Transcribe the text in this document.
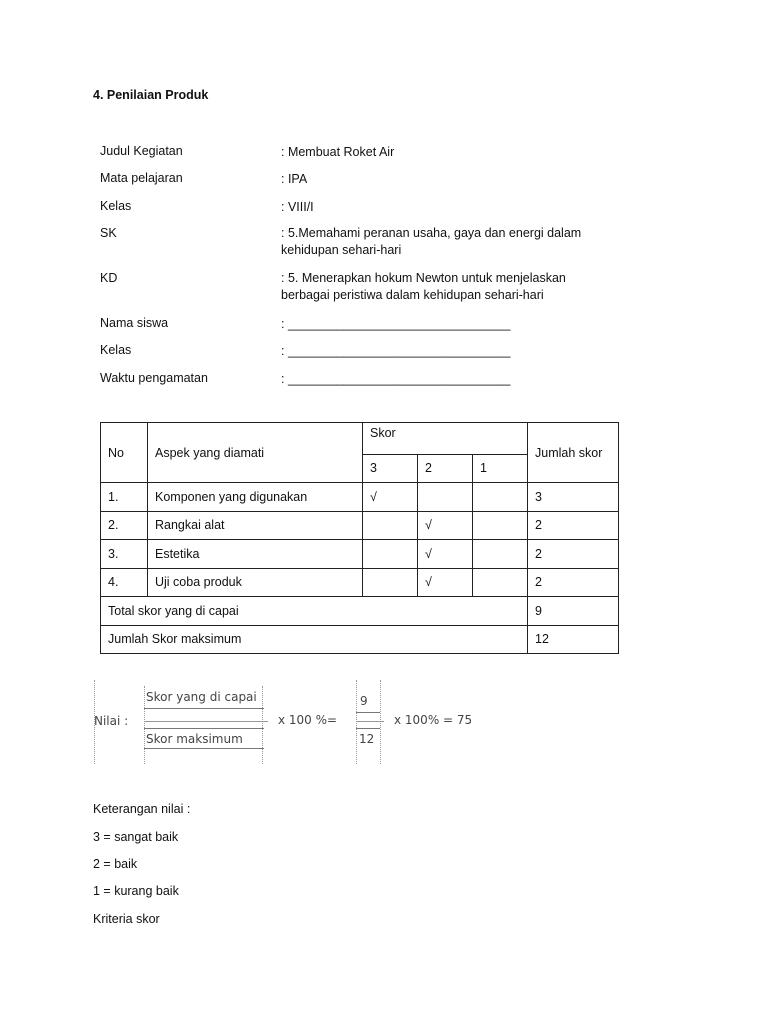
4. Penilaian Produk
Judul Kegiatan	: Membuat Roket Air
Mata pelajaran	: IPA
Kelas	: VIII/I
SK	: 5.Memahami peranan usaha, gaya dan energi dalam kehidupan sehari-hari
KD	: 5. Menerapkan hokum Newton untuk menjelaskan berbagai peristiwa dalam kehidupan sehari-hari
Nama siswa	: ________________________________
Kelas	: ________________________________
Waktu pengamatan	: ________________________________
No	Aspek yang diamati	Skor			Jumlah skor
		3	2	1	
1.	Komponen yang digunakan	√			3
2.	Rangkai alat		√		2
3.	Estetika		√		2
4.	Uji coba produk		√		2
Total skor yang di capai					9
Jumlah Skor maksimum					12
Nilai :
Skor yang di capai
Skor maksimum
x 100 %=
9
12
x 100% = 75
Keterangan nilai :
3 = sangat baik
2 = baik
1 = kurang baik
Kriteria skor
